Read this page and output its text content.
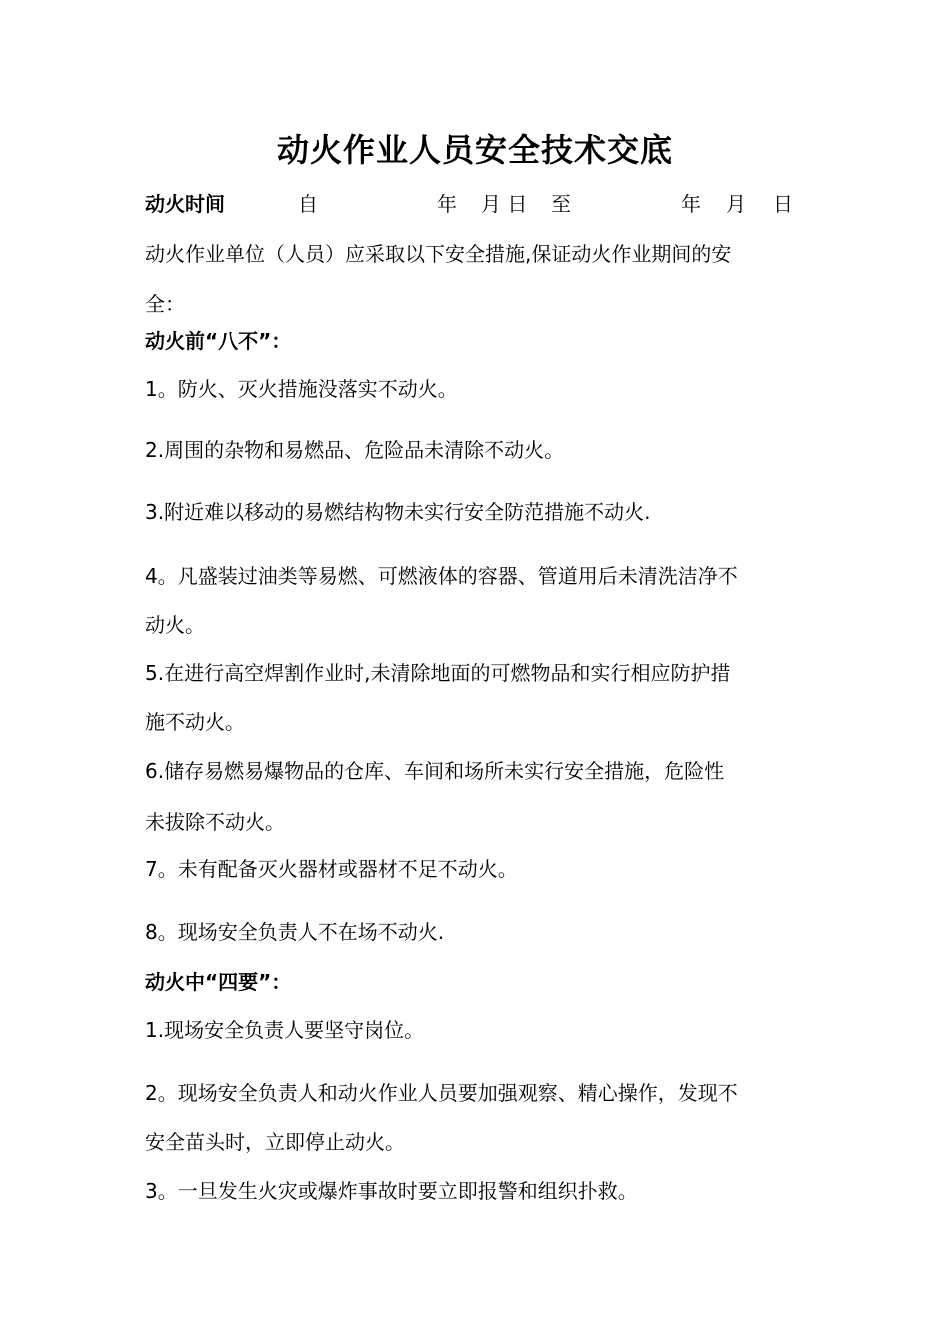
动火作业人员安全技术交底
动火时间	自	年 月 日 至	年 月 日
动火作业单位（人员）应采取以下安全措施,保证动火作业期间的安
全：
动火前“八不”：
1。防火、灭火措施没落实不动火。
2.周围的杂物和易燃品、危险品未清除不动火。
3.附近难以移动的易燃结构物未实行安全防范措施不动火.
4。凡盛装过油类等易燃、可燃液体的容器、管道用后未清洗洁净不
动火。
5.在进行高空焊割作业时,未清除地面的可燃物品和实行相应防护措
施不动火。
6.储存易燃易爆物品的仓库、车间和场所未实行安全措施，危险性
未拔除不动火。
7。未有配备灭火器材或器材不足不动火。
8。现场安全负责人不在场不动火.
动火中“四要”：
1.现场安全负责人要坚守岗位。
2。现场安全负责人和动火作业人员要加强观察、精心操作，发现不
安全苗头时，立即停止动火。
3。一旦发生火灾或爆炸事故时要立即报警和组织扑救。
